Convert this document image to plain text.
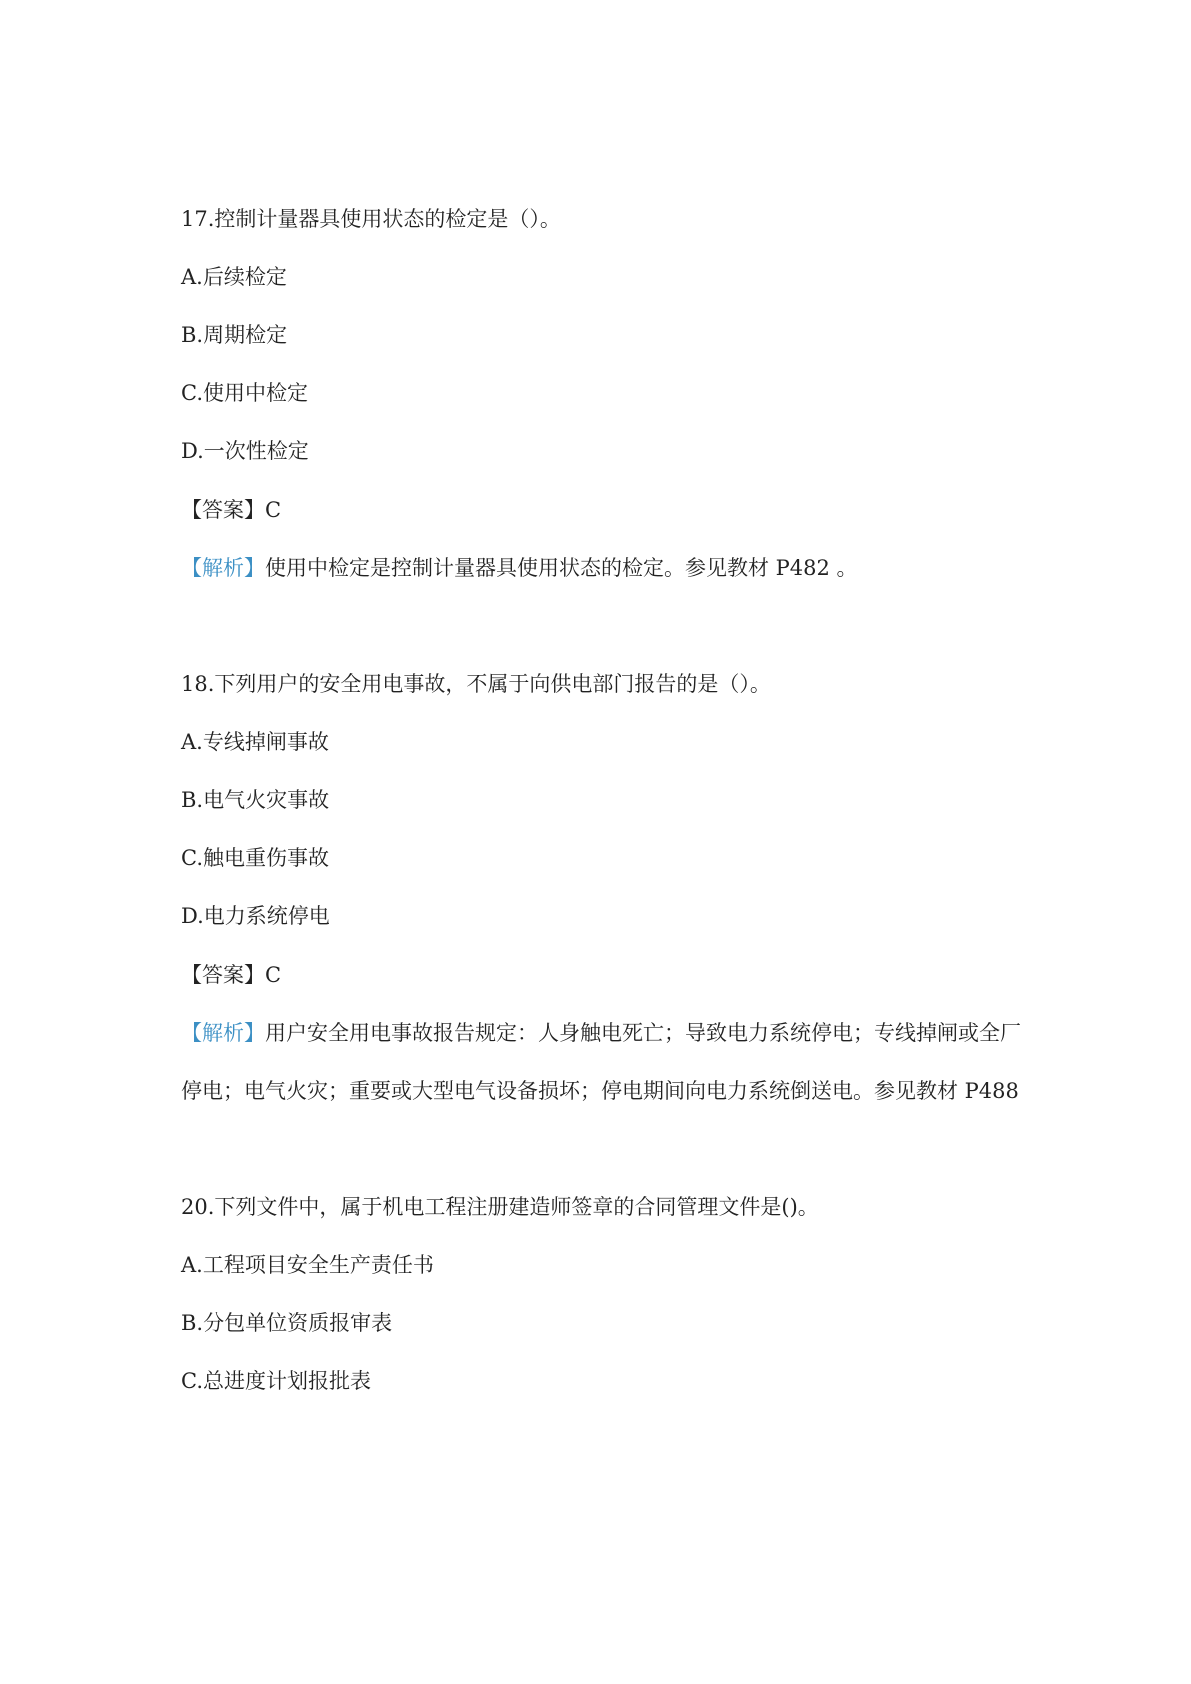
17.控制计量器具使用状态的检定是（）。
A.后续检定
B.周期检定
C.使用中检定
D.一次性检定
【答案】C
【解析】使用中检定是控制计量器具使用状态的检定。参见教材 P482 。
18.下列用户的安全用电事故，不属于向供电部门报告的是（）。
A.专线掉闸事故
B.电气火灾事故
C.触电重伤事故
D.电力系统停电
【答案】C
【解析】用户安全用电事故报告规定：人身触电死亡；导致电力系统停电；专线掉闸或全厂
停电；电气火灾；重要或大型电气设备损坏；停电期间向电力系统倒送电。参见教材 P488
20.下列文件中，属于机电工程注册建造师签章的合同管理文件是()。
A.工程项目安全生产责任书
B.分包单位资质报审表
C.总进度计划报批表
